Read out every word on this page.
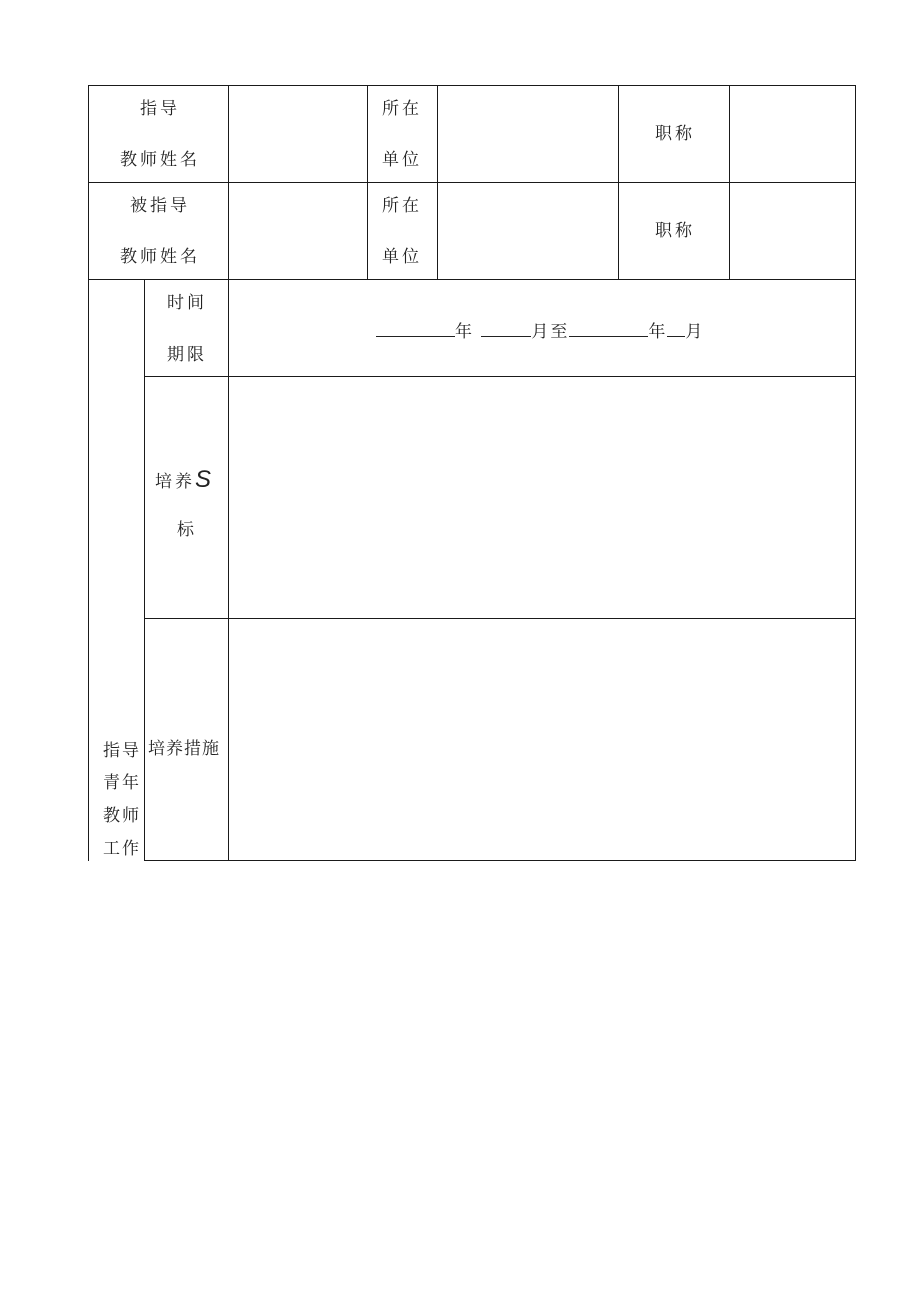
指导
教师姓名
所在
单位
职称
被指导
教师姓名
所在
单位
职称
时间
期限
年	月至	年 月
培养S
标
培养措施
指导
青年
教师
工作
